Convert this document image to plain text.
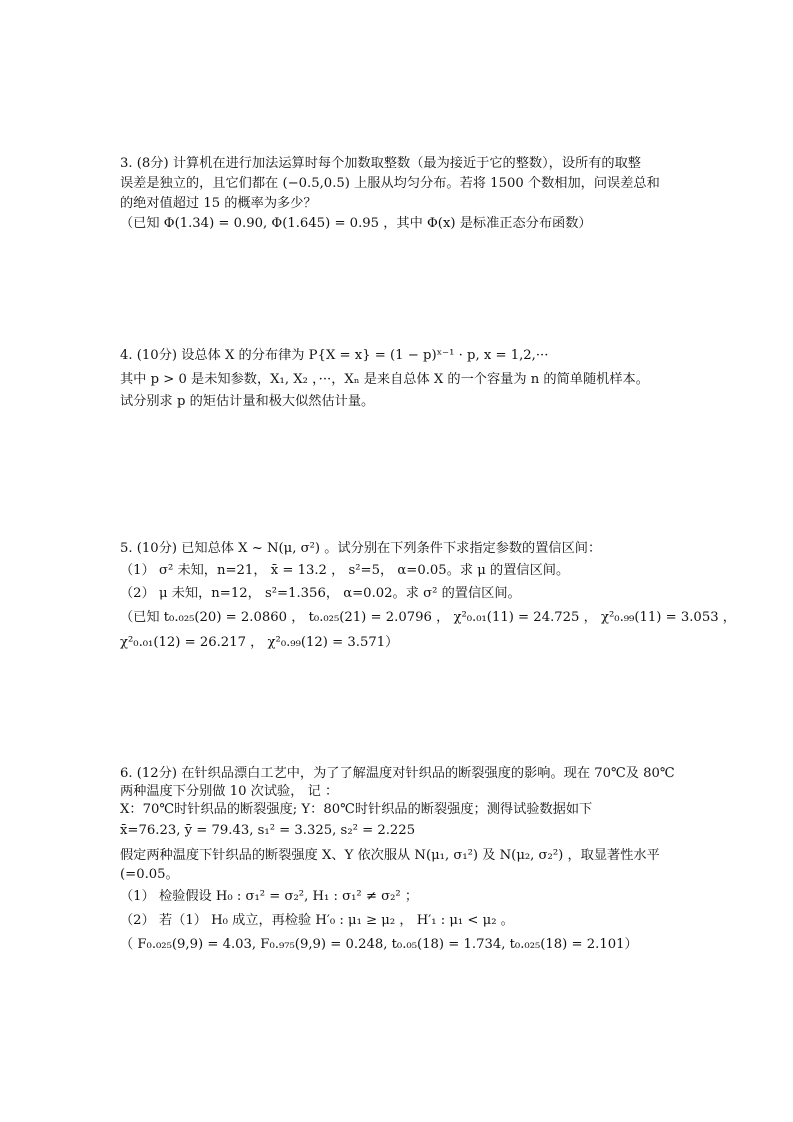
3. (8分) 计算机在进行加法运算时每个加数取整数（最为接近于它的整数），设所有的取整
误差是独立的，且它们都在 (−0.5,0.5) 上服从均匀分布。若将 1500 个数相加，问误差总和
的绝对值超过 15 的概率为多少？
（已知 Φ(1.34) = 0.90, Φ(1.645) = 0.95 ，其中 Φ(x) 是标准正态分布函数）
4. (10分) 设总体 X 的分布律为 P{X = x} = (1 − p)ˣ⁻¹ · p, x = 1,2,···
其中 p > 0 是未知参数，X₁, X₂ ，···，Xₙ 是来自总体 X 的一个容量为 n 的简单随机样本。
试分别求 p 的矩估计量和极大似然估计量。
5. (10分) 已知总体 X ~ N(μ, σ²) 。试分别在下列条件下求指定参数的置信区间：
（1） σ² 未知，n=21， x̄ = 13.2 ， s²=5， α=0.05。求 μ 的置信区间。
（2） μ 未知，n=12， s²=1.356， α=0.02。求 σ² 的置信区间。
（已知 t₀.₀₂₅(20) = 2.0860 ， t₀.₀₂₅(21) = 2.0796 ， χ²₀.₀₁(11) = 24.725 ， χ²₀.₉₉(11) = 3.053 ，
χ²₀.₀₁(12) = 26.217 ， χ²₀.₉₉(12) = 3.571）
6. (12分) 在针织品漂白工艺中，为了了解温度对针织品的断裂强度的影响。现在 70℃及 80℃
两种温度下分别做 10 次试验， 记 ：
X：70℃时针织品的断裂强度; Y：80℃时针织品的断裂强度；测得试验数据如下
x̄=76.23, ȳ = 79.43, s₁² = 3.325, s₂² = 2.225
假定两种温度下针织品的断裂强度 X、Y 依次服从 N(μ₁, σ₁²) 及 N(μ₂, σ₂²) ，取显著性水平
(=0.05。
（1） 检验假设 H₀ : σ₁² = σ₂², H₁ : σ₁² ≠ σ₂² ；
（2） 若（1） H₀ 成立，再检验 H′₀ : μ₁ ≥ μ₂ ， H′₁ : μ₁ < μ₂ 。
（ F₀.₀₂₅(9,9) = 4.03, F₀.₉₇₅(9,9) = 0.248, t₀.₀₅(18) = 1.734, t₀.₀₂₅(18) = 2.101）
